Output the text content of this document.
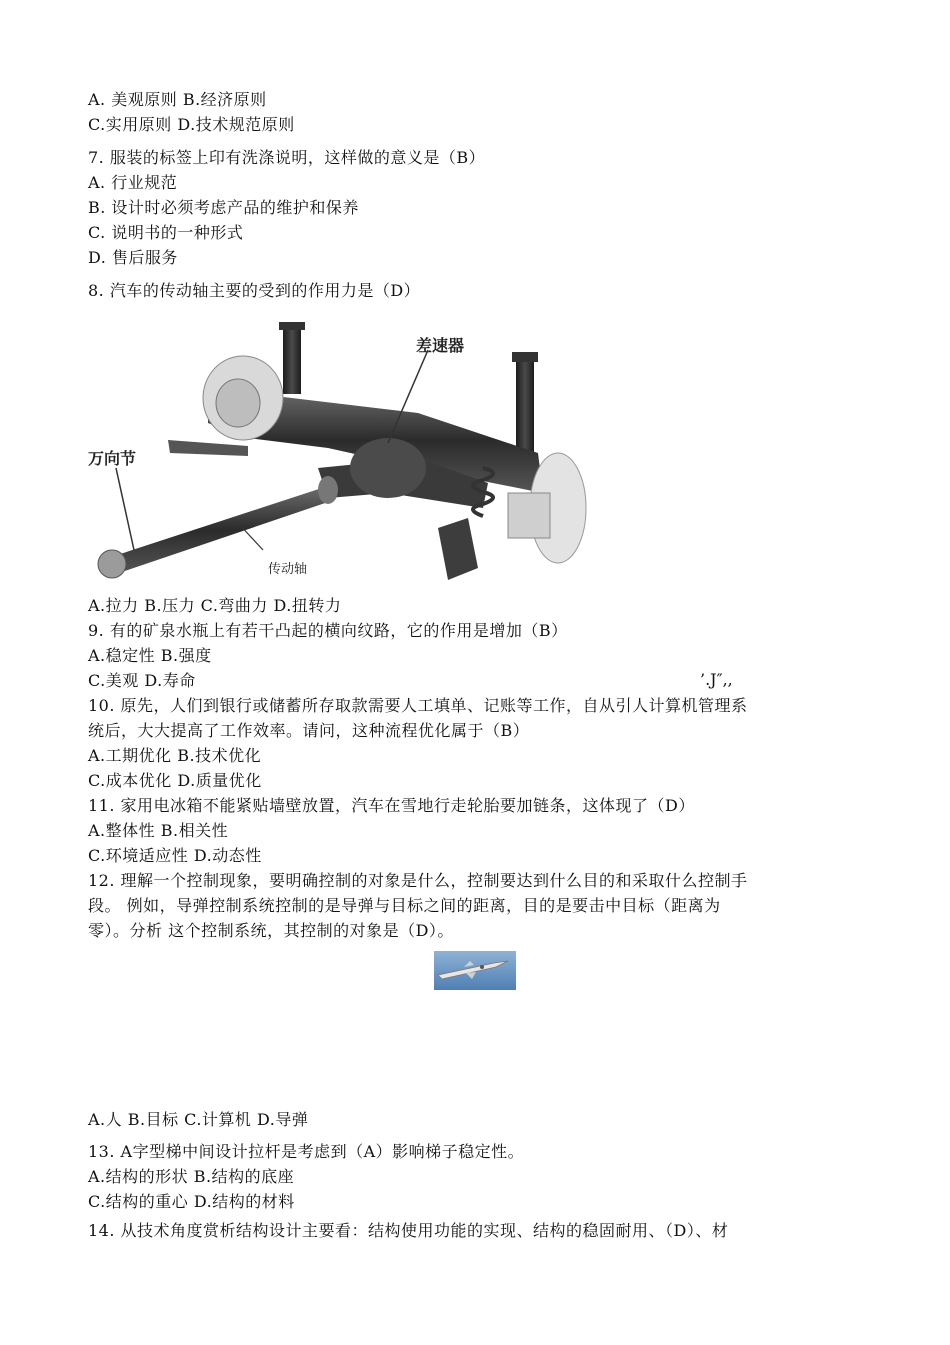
A. 美观原则 B.经济原则
C.实用原则 D.技术规范原则
7. 服装的标签上印有洗涤说明，这样做的意义是（B）
A. 行业规范
B. 设计时必须考虑产品的维护和保养
C. 说明书的一种形式
D. 售后服务
8. 汽车的传动轴主要的受到的作用力是（D）
差速器
万向节
传动轴
A.拉力 B.压力 C.弯曲力 D.扭转力
9. 有的矿泉水瓶上有若干凸起的横向纹路，它的作用是增加（B）
A.稳定性 B.强度
C.美观 D.寿命	’.J″,,
10. 原先，人们到银行或储蓄所存取款需要人工填单、记账等工作，自从引人计算机管理系
统后，大大提高了工作效率。请问，这种流程优化属于（B）
A.工期优化 B.技术优化
C.成本优化 D.质量优化
11. 家用电冰箱不能紧贴墙壁放置，汽车在雪地行走轮胎要加链条，这体现了（D）
A.整体性 B.相关性
C.环境适应性 D.动态性
12. 理解一个控制现象，要明确控制的对象是什么，控制要达到什么目的和采取什么控制手
段。 例如，导弹控制系统控制的是导弹与目标之间的距离，目的是要击中目标（距离为
零）。分析 这个控制系统，其控制的对象是（D）。
A.人 B.目标 C.计算机 D.导弹
13. A字型梯中间设计拉杆是考虑到（A）影响梯子稳定性。
A.结构的形状 B.结构的底座
C.结构的重心 D.结构的材料
14. 从技术角度赏析结构设计主要看：结构使用功能的实现、结构的稳固耐用、（D）、材
